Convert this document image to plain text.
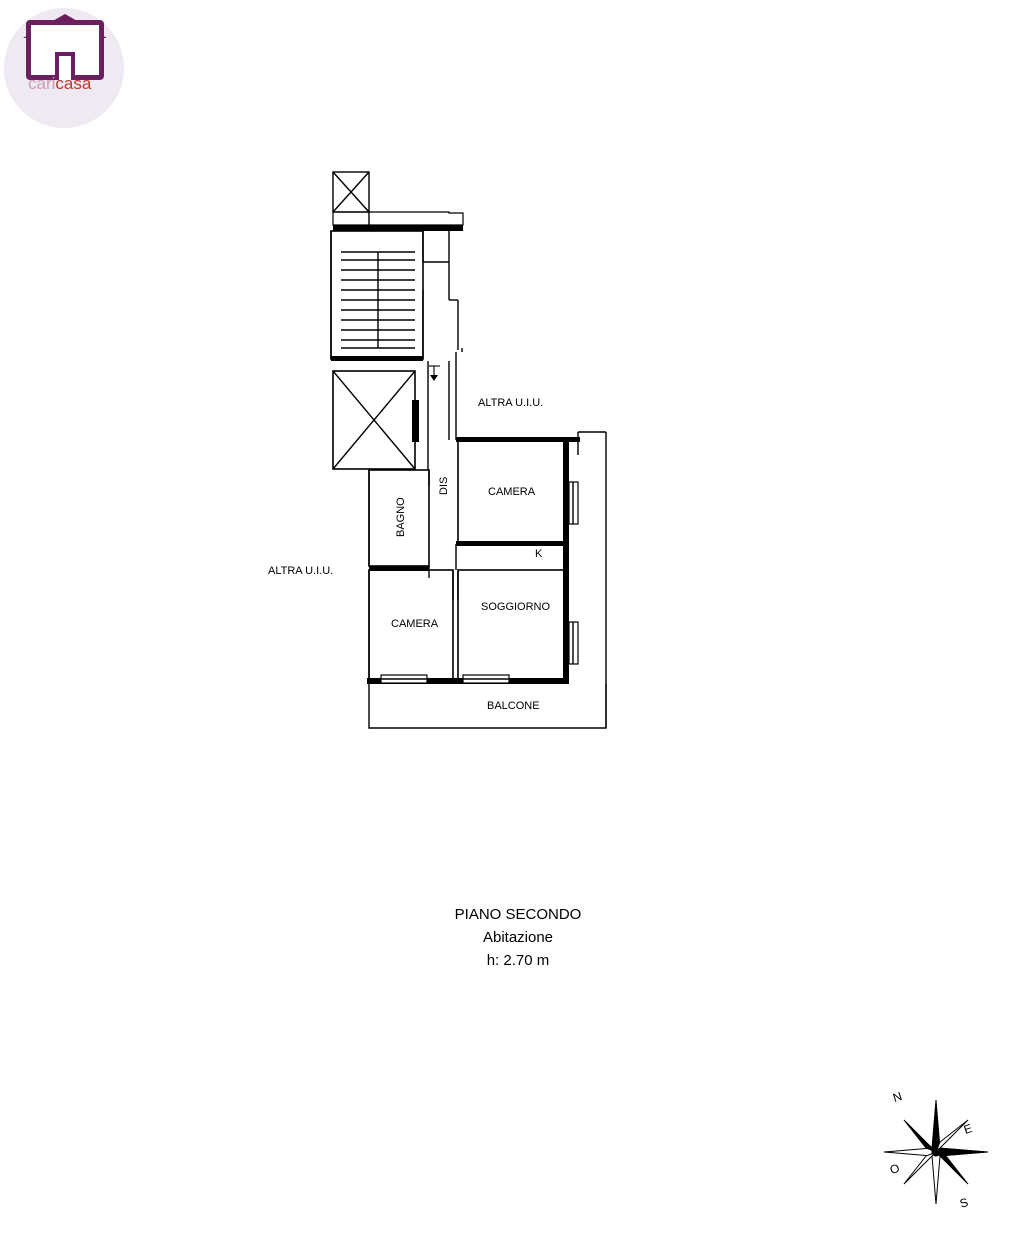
caricasa
ALTRA U.I.U.
CAMERA
BAGNO
DIS
ALTRA U.I.U.
K
SOGGIORNO
CAMERA
BALCONE
PIANO SECONDO
Abitazione
h: 2.70 m
N
E
S
O
